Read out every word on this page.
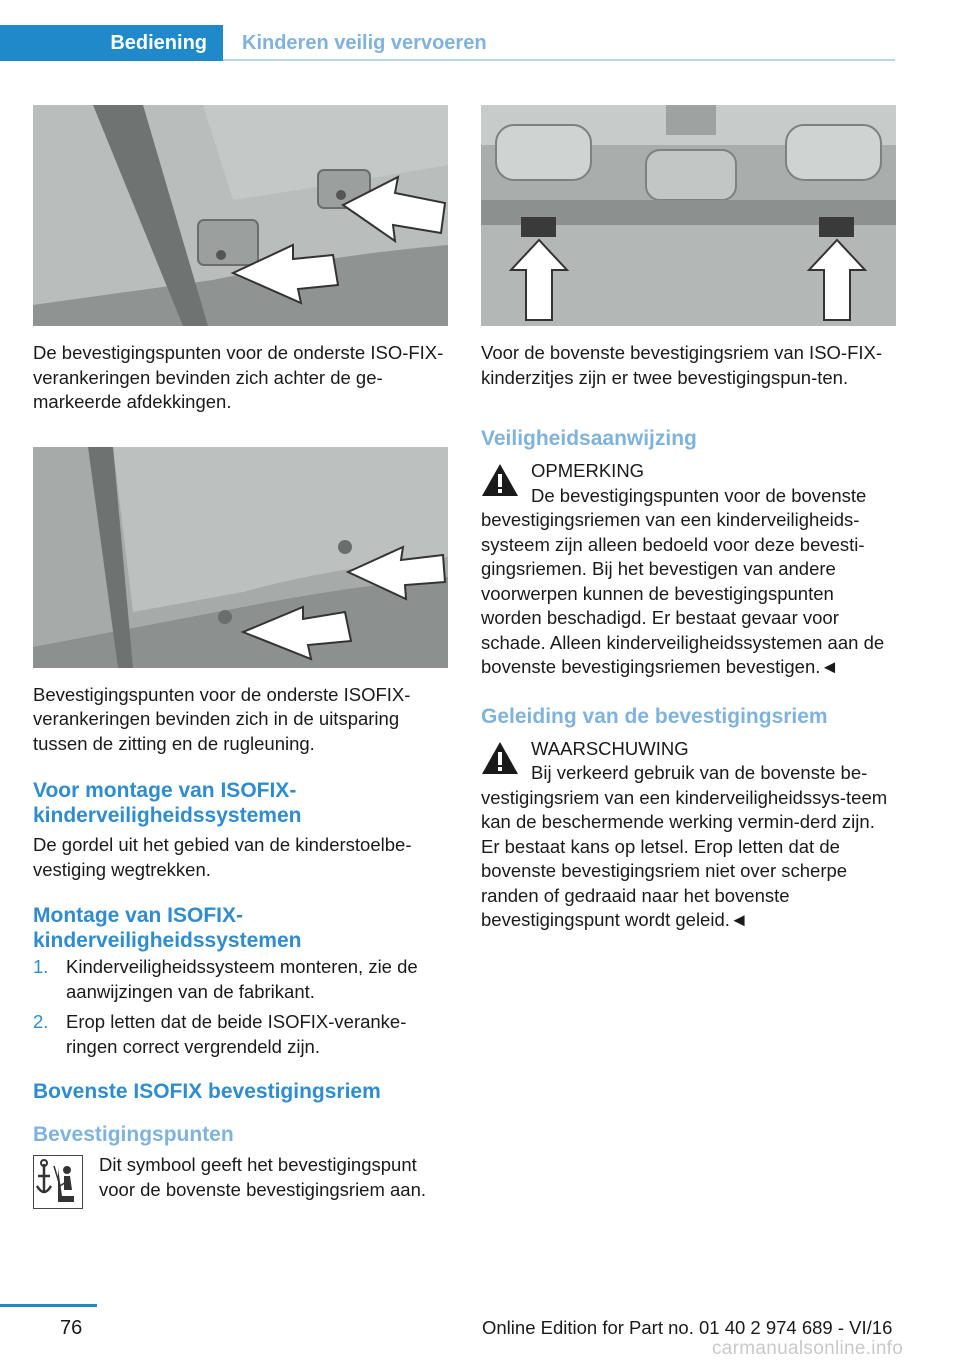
Bediening	Kinderen veilig vervoeren

De bevestigingspunten voor de onderste ISO-FIX-verankeringen bevinden zich achter de ge-markeerde afdekkingen.

Bevestigingspunten voor de onderste ISOFIX-verankeringen bevinden zich in de uitsparing tussen de zitting en de rugleuning.

Voor montage van ISOFIX-kinderveiligheidssystemen

De gordel uit het gebied van de kinderstoelbe-vestiging wegtrekken.

Montage van ISOFIX-kinderveiligheidssystemen
1. Kinderveiligheidssysteem monteren, zie de aanwijzingen van de fabrikant.
2. Erop letten dat de beide ISOFIX-veranke-ringen correct vergrendeld zijn.
Bovenste ISOFIX bevestigingsriem
Bevestigingspunten

Dit symbool geeft het bevestigingspunt voor de bovenste bevestigingsriem aan.

Voor de bovenste bevestigingsriem van ISO-FIX-kinderzitjes zijn er twee bevestigingspun-ten.

Veiligheidsaanwijzing
OPMERKING

De bevestigingspunten voor de bovenste bevestigingsriemen van een kinderveiligheids-systeem zijn alleen bedoeld voor deze bevesti-gingsriemen. Bij het bevestigen van andere voorwerpen kunnen de bevestigingspunten worden beschadigd. Er bestaat gevaar voor schade. Alleen kinderveiligheidssystemen aan de bovenste bevestigingsriemen bevestigen.◄

Geleiding van de bevestigingsriem
WAARSCHUWING

Bij verkeerd gebruik van de bovenste be-vestigingsriem van een kinderveiligheidssys-teem kan de beschermende werking vermin-derd zijn. Er bestaat kans op letsel. Erop letten dat de bovenste bevestigingsriem niet over scherpe randen of gedraaid naar het bovenste bevestigingspunt wordt geleid.◄

76	Online Edition for Part no. 01 40 2 974 689 - VI/16
carmanualsonline.info
